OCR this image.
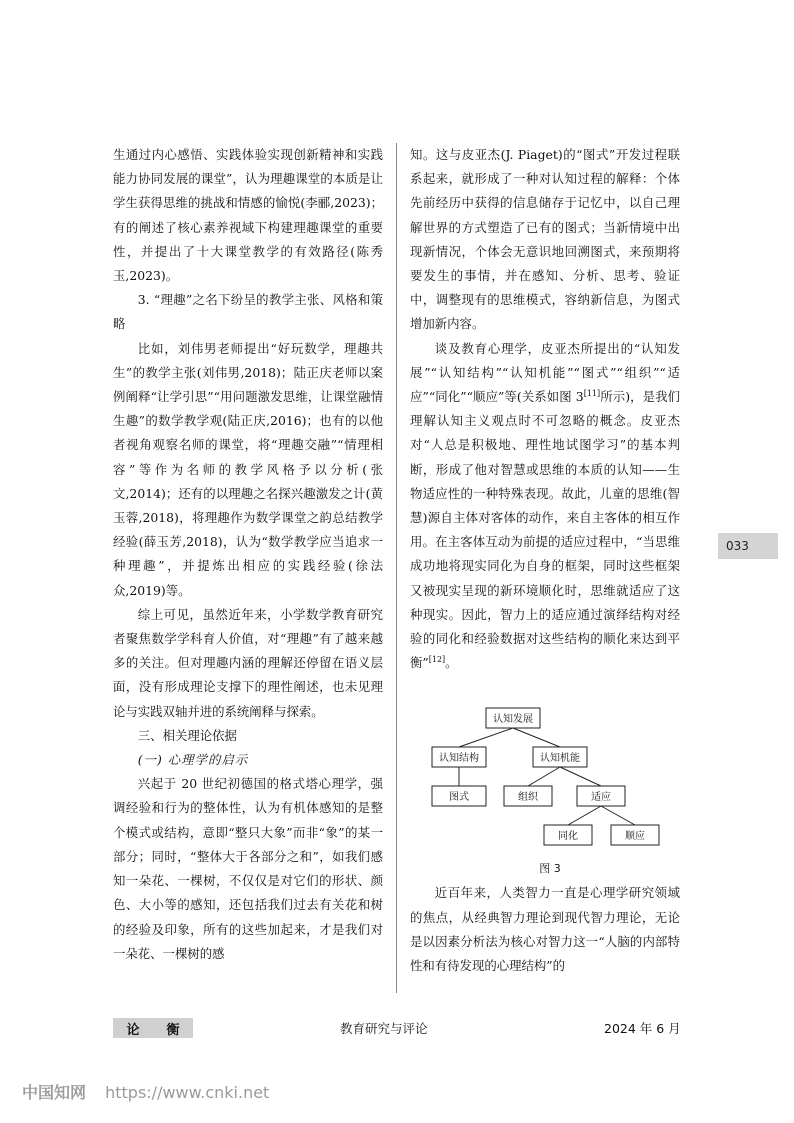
生通过内心感悟、实践体验实现创新精神和实践能力协同发展的课堂”，认为理趣课堂的本质是让学生获得思维的挑战和情感的愉悦(李郦,2023)；有的阐述了核心素养视域下构建理趣课堂的重要性，并提出了十大课堂教学的有效路径(陈秀玉,2023)。

3. “理趣”之名下纷呈的教学主张、风格和策略

比如，刘伟男老师提出“好玩数学，理趣共生”的教学主张(刘伟男,2018)；陆正庆老师以案例阐释“让学引思”“用问题激发思维，让课堂融情生趣”的数学教学观(陆正庆,2016)；也有的以他者视角观察名师的课堂，将“理趣交融”“情理相容”等作为名师的教学风格予以分析(张文,2014)；还有的以理趣之名探兴趣激发之计(黄玉蓉,2018)，将理趣作为数学课堂之韵总结教学经验(薛玉芳,2018)，认为“数学教学应当追求一种理趣”，并提炼出相应的实践经验(徐法众,2019)等。

综上可见，虽然近年来，小学数学教育研究者聚焦数学学科育人价值，对“理趣”有了越来越多的关注。但对理趣内涵的理解还停留在语义层面，没有形成理论支撑下的理性阐述，也未见理论与实践双轴并进的系统阐释与探索。

三、相关理论依据

(一) 心理学的启示

兴起于 20 世纪初德国的格式塔心理学，强调经验和行为的整体性，认为有机体感知的是整个模式或结构，意即“整只大象”而非“象”的某一部分；同时，“整体大于各部分之和”，如我们感知一朵花、一棵树，不仅仅是对它们的形状、颜色、大小等的感知，还包括我们过去有关花和树的经验及印象，所有的这些加起来，才是我们对一朵花、一棵树的感

知。这与皮亚杰(J. Piaget)的“图式”开发过程联系起来，就形成了一种对认知过程的解释：个体先前经历中获得的信息储存于记忆中，以自己理解世界的方式塑造了已有的图式；当新情境中出现新情况，个体会无意识地回溯图式，来预期将要发生的事情，并在感知、分析、思考、验证中，调整现有的思维模式，容纳新信息，为图式增加新内容。

谈及教育心理学，皮亚杰所提出的“认知发展”“认知结构”“认知机能”“图式”“组织”“适应”“同化”“顺应”等(关系如图 3[11]所示)，是我们理解认知主义观点时不可忽略的概念。皮亚杰对“人总是积极地、理性地试图学习”的基本判断，形成了他对智慧或思维的本质的认知——生物适应性的一种特殊表现。故此，儿童的思维(智慧)源自主体对客体的动作，来自主客体的相互作用。在主客体互动为前提的适应过程中，“当思维成功地将现实同化为自身的框架，同时这些框架又被现实呈现的新环境顺化时，思维就适应了这种现实。因此，智力上的适应通过演绎结构对经验的同化和经验数据对这些结构的顺化来达到平衡”[12]。

近百年来，人类智力一直是心理学研究领域的焦点，从经典智力理论到现代智力理论，无论是以因素分析法为核心对智力这一“人脑的内部特性和有待发现的心理结构”的

认知发展
认知结构	认知机能
图式	组织	适应
同化	顺应
图 3
033
论 衡	教育研究与评论	2024 年 6 月
中国知网 https://www.cnki.net
